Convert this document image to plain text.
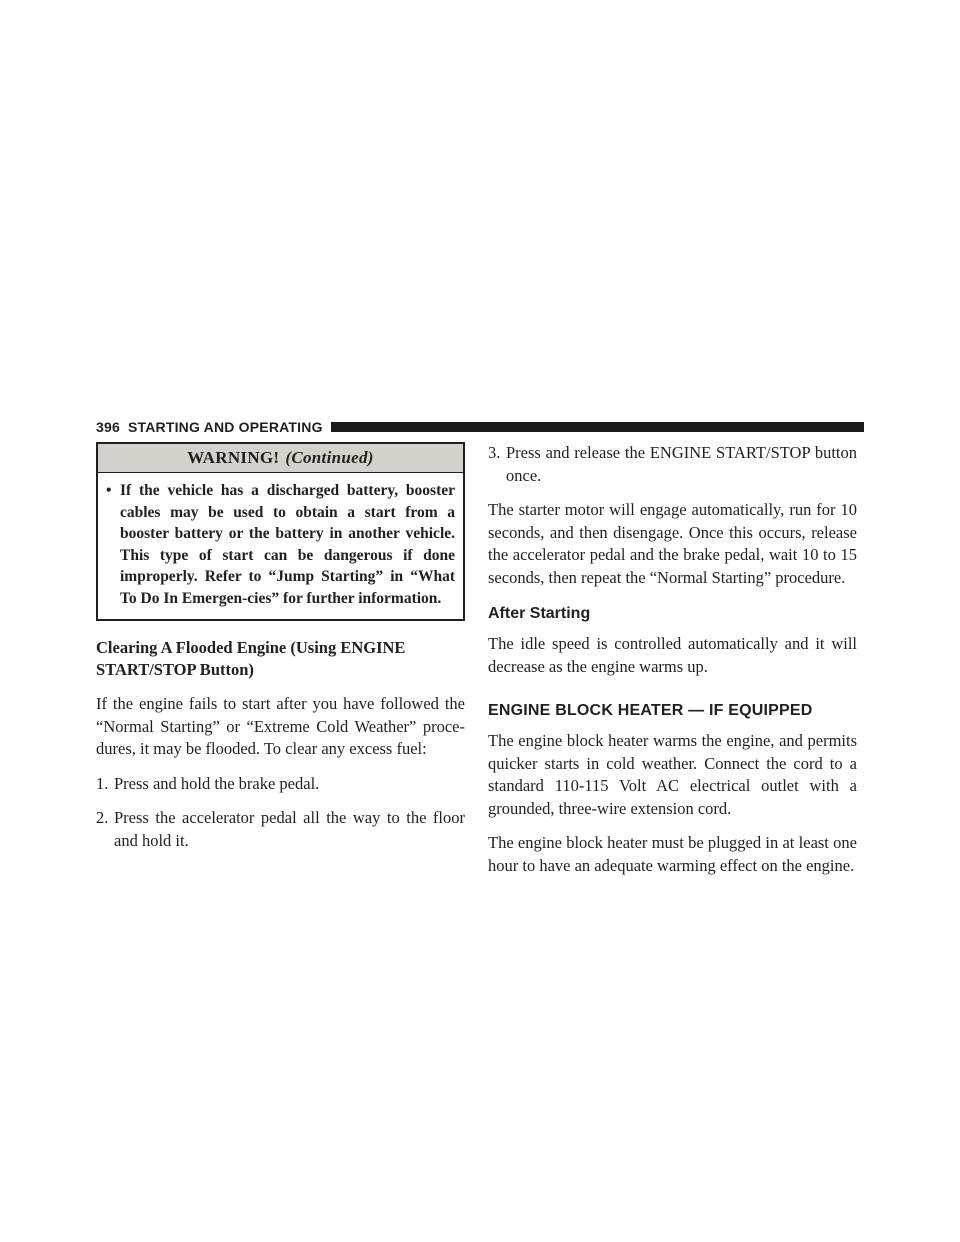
396 STARTING AND OPERATING
WARNING! (Continued)
• If the vehicle has a discharged battery, booster cables may be used to obtain a start from a booster battery or the battery in another vehicle. This type of start can be dangerous if done improperly. Refer to “Jump Starting” in “What To Do In Emergen-cies” for further information.
Clearing A Flooded Engine (Using ENGINE START/STOP Button)

If the engine fails to start after you have followed the “Normal Starting” or “Extreme Cold Weather” proce-dures, it may be flooded. To clear any excess fuel:

1. Press and hold the brake pedal.
2. Press the accelerator pedal all the way to the floor and hold it.
3. Press and release the ENGINE START/STOP button once.

The starter motor will engage automatically, run for 10 seconds, and then disengage. Once this occurs, release the accelerator pedal and the brake pedal, wait 10 to 15 seconds, then repeat the “Normal Starting” procedure.

After Starting

The idle speed is controlled automatically and it will decrease as the engine warms up.

ENGINE BLOCK HEATER — IF EQUIPPED

The engine block heater warms the engine, and permits quicker starts in cold weather. Connect the cord to a standard 110-115 Volt AC electrical outlet with a grounded, three-wire extension cord.

The engine block heater must be plugged in at least one hour to have an adequate warming effect on the engine.
